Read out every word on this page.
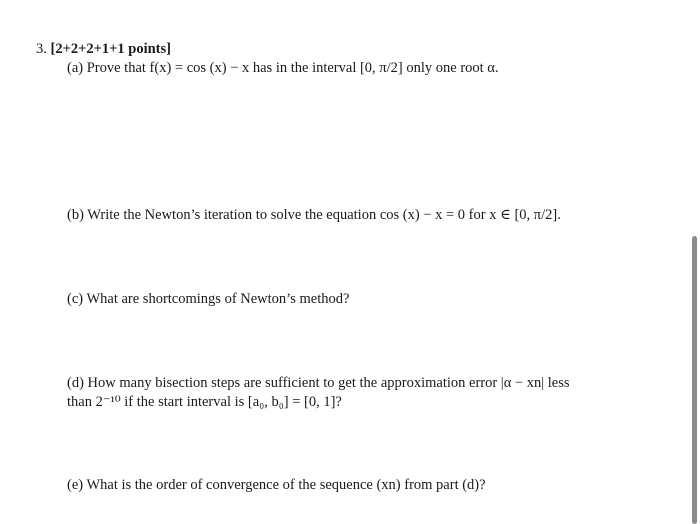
3. [2+2+2+1+1 points]
(a) Prove that f(x) = cos (x) − x has in the interval [0, π/2] only one root α.
(b) Write the Newton’s iteration to solve the equation cos (x) − x = 0 for x ∈ [0, π/2].
(c) What are shortcomings of Newton’s method?
(d) How many bisection steps are sufficient to get the approximation error |α − xn| less
than 2⁻¹⁰ if the start interval is [a₀, b₀] = [0, 1]?
(e) What is the order of convergence of the sequence (xn) from part (d)?
